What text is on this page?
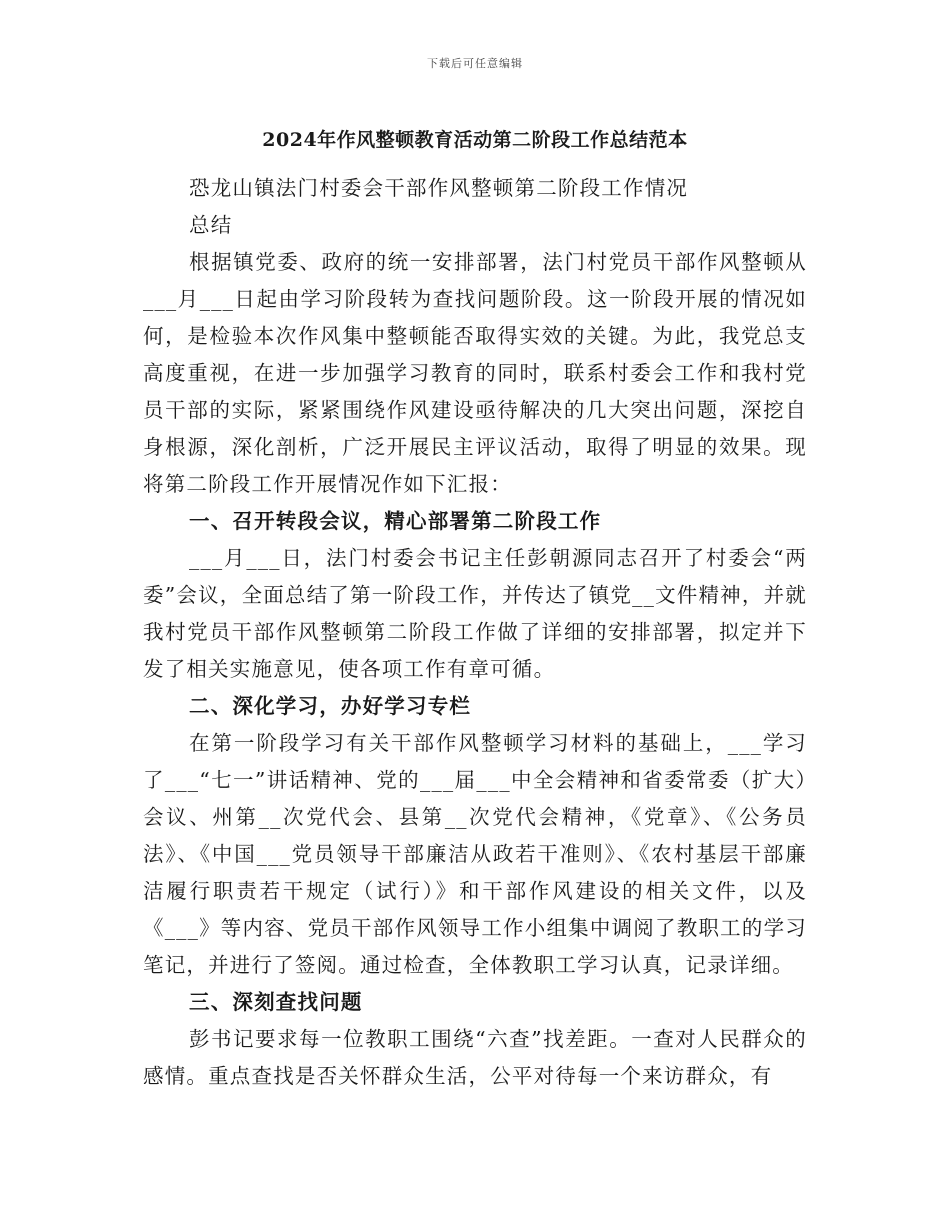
下载后可任意编辑
2024年作风整顿教育活动第二阶段工作总结范本

恐龙山镇法门村委会干部作风整顿第二阶段工作情况

总结

根据镇党委、政府的统一安排部署，法门村党员干部作风整顿从___月___日起由学习阶段转为查找问题阶段。这一阶段开展的情况如何，是检验本次作风集中整顿能否取得实效的关键。为此，我党总支高度重视，在进一步加强学习教育的同时，联系村委会工作和我村党员干部的实际，紧紧围绕作风建设亟待解决的几大突出问题，深挖自身根源，深化剖析，广泛开展民主评议活动，取得了明显的效果。现将第二阶段工作开展情况作如下汇报：

一、召开转段会议，精心部署第二阶段工作

___月___日，法门村委会书记主任彭朝源同志召开了村委会“两委”会议，全面总结了第一阶段工作，并传达了镇党__文件精神，并就我村党员干部作风整顿第二阶段工作做了详细的安排部署，拟定并下发了相关实施意见，使各项工作有章可循。

二、深化学习，办好学习专栏

在第一阶段学习有关干部作风整顿学习材料的基础上，___学习了___“七一”讲话精神、党的___届___中全会精神和省委常委（扩大）会议、州第__次党代会、县第__次党代会精神，《党章》、《公务员法》、《中国___党员领导干部廉洁从政若干准则》、《农村基层干部廉洁履行职责若干规定（试行）》和干部作风建设的相关文件，以及《___》等内容、党员干部作风领导工作小组集中调阅了教职工的学习笔记，并进行了签阅。通过检查，全体教职工学习认真，记录详细。

三、深刻查找问题

彭书记要求每一位教职工围绕“六查”找差距。一查对人民群众的感情。重点查找是否关怀群众生活，公平对待每一个来访群众，有
